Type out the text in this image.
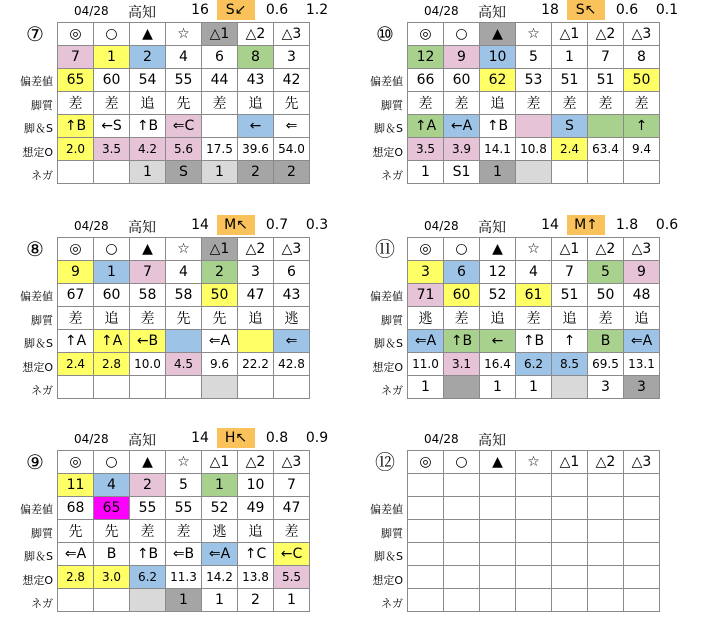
04/28 高知	16	S↙	0.6	1.2
⑦
偏差値
脚質
脚＆S
想定O
ネガ
◎	○	▲	☆	△1	△2	△3
7	1	2	4	6	8	3
65	60	54	55	44	43	42
差	差	追	先	差	追	先
↑B	←S	↑B	⇐C		←	⇐
2.0	3.5	4.2	5.6	17.5	39.6	54.0
		1	S	1	2	2
04/28 高知	18	S↖	0.6	0.1
⑩
偏差値
脚質
脚＆S
想定O
ネガ
◎	○	▲	☆	△1	△2	△3
12	9	10	5	1	7	8
66	60	62	53	51	51	50
差	差	追	差	差	差	差
↑A	←A	↑B		S		↑
3.5	3.9	14.1	10.8	2.4	63.4	9.4
1	S1	1				
04/28 高知	14	M↖	0.7	0.3
⑧
偏差値
脚質
脚＆S
想定O
ネガ
◎	○	▲	☆	△1	△2	△3
9	1	7	4	2	3	6
67	60	58	58	50	47	43
差	追	差	先	先	追	逃
↑A	↑A	←B		⇐A		⇐
2.4	2.8	10.0	4.5	9.6	22.2	42.8

04/28 高知	14	M↑	1.8	0.6
⑪
偏差値
脚質
脚＆S
想定O
ネガ
◎	○	▲	☆	△1	△2	△3
3	6	12	4	7	5	9
71	60	52	61	51	50	48
逃	差	追	差	追	差	追
⇐A	↑B	←	↑B	↑	B	⇐A
11.0	3.1	16.4	6.2	8.5	69.5	13.1
1		1	1		3	3
04/28 高知	14	H↖	0.8	0.9
⑨
偏差値
脚質
脚＆S
想定O
ネガ
◎	○	▲	☆	△1	△2	△3
11	4	2	5	1	10	7
68	65	55	55	52	49	47
先	先	差	差	逃	追	差
⇐A	B	↑B	⇐B	⇐A	↑C	←C
2.8	3.0	6.2	11.3	14.2	13.8	5.5
			1	1	2	1
04/28 高知
⑫
偏差値
脚質
脚＆S
想定O
ネガ
◎	○	▲	☆	△1	△2	△3
